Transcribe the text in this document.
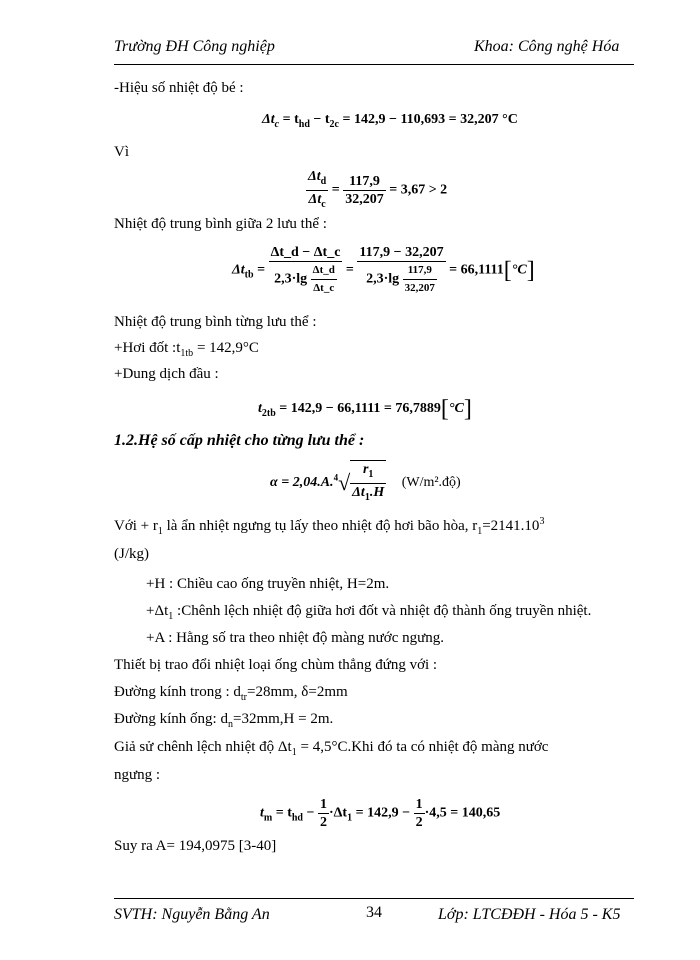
Trường ĐH Công nghiệp	Khoa: Công nghệ Hóa
-Hiệu số nhiệt độ bé :
$\Delta t_c = t_{hd} - t_{2c} = 142,9 - 110,693 = 32,207$ °C
Vì
$\frac{\Delta t_d}{\Delta t_c} = \frac{117,9}{32,207} = 3,67 > 2$
Nhiệt độ trung bình giữa 2 lưu thể :
$\Delta t_{tb} = \frac{\Delta t\_d - \Delta t\_c}{2,3\cdot\lg \frac{\Delta t\_d}{\Delta t\_c}} = \frac{117,9 - 32,207}{2,3\cdot\lg \frac{117,9}{32,207}} = 66,1111[^\circ C]$
Nhiệt độ trung bình từng lưu thể :
+Hơi đốt $:t_{1tb} = 142,9^\circ C$
+Dung dịch đầu :
$t_{2tb} = 142,9 - 66,1111 = 76,7889[^\circ C]$
1.2.Hệ số cấp nhiệt cho từng lưu thể :
$\alpha = 2,04.A.^4√ \frac{r_1}{\Delta t_1.H}$ (W/m².độ)
Với + $r_1$ là ẩn nhiệt ngưng tụ lấy theo nhiệt độ hơi bão hòa, $r_1=2141.10^3$
(J/kg)
+H : Chiều cao ống truyền nhiệt, H=2m.
$+\Delta t_1$ :Chênh lệch nhiệt độ giữa hơi đốt và nhiệt độ thành ống truyền nhiệt.
+A : Hằng số tra theo nhiệt độ màng nước ngưng.
Thiết bị trao đổi nhiệt loại ống chùm thẳng đứng với :
Đường kính trong : $d_{tr}=28mm$, δ=2mm
Đường kính ống: $d_n=32mm,H = 2m$.
Giả sử chênh lệch nhiệt độ $\Delta t_1 = 4,5^\circ C.Khi$ đó ta có nhiệt độ màng nước
ngưng :
$t_m = t_{hd} - \frac{1}{2} \cdot\Delta t_1 = 142,9 - \frac{1}{2} \cdot 4,5 = 140,65$
Suy ra A= 194,0975 [3-40]
SVTH: Nguyễn Bằng An	34	Lớp: LTCĐĐH - Hóa 5 - K5
